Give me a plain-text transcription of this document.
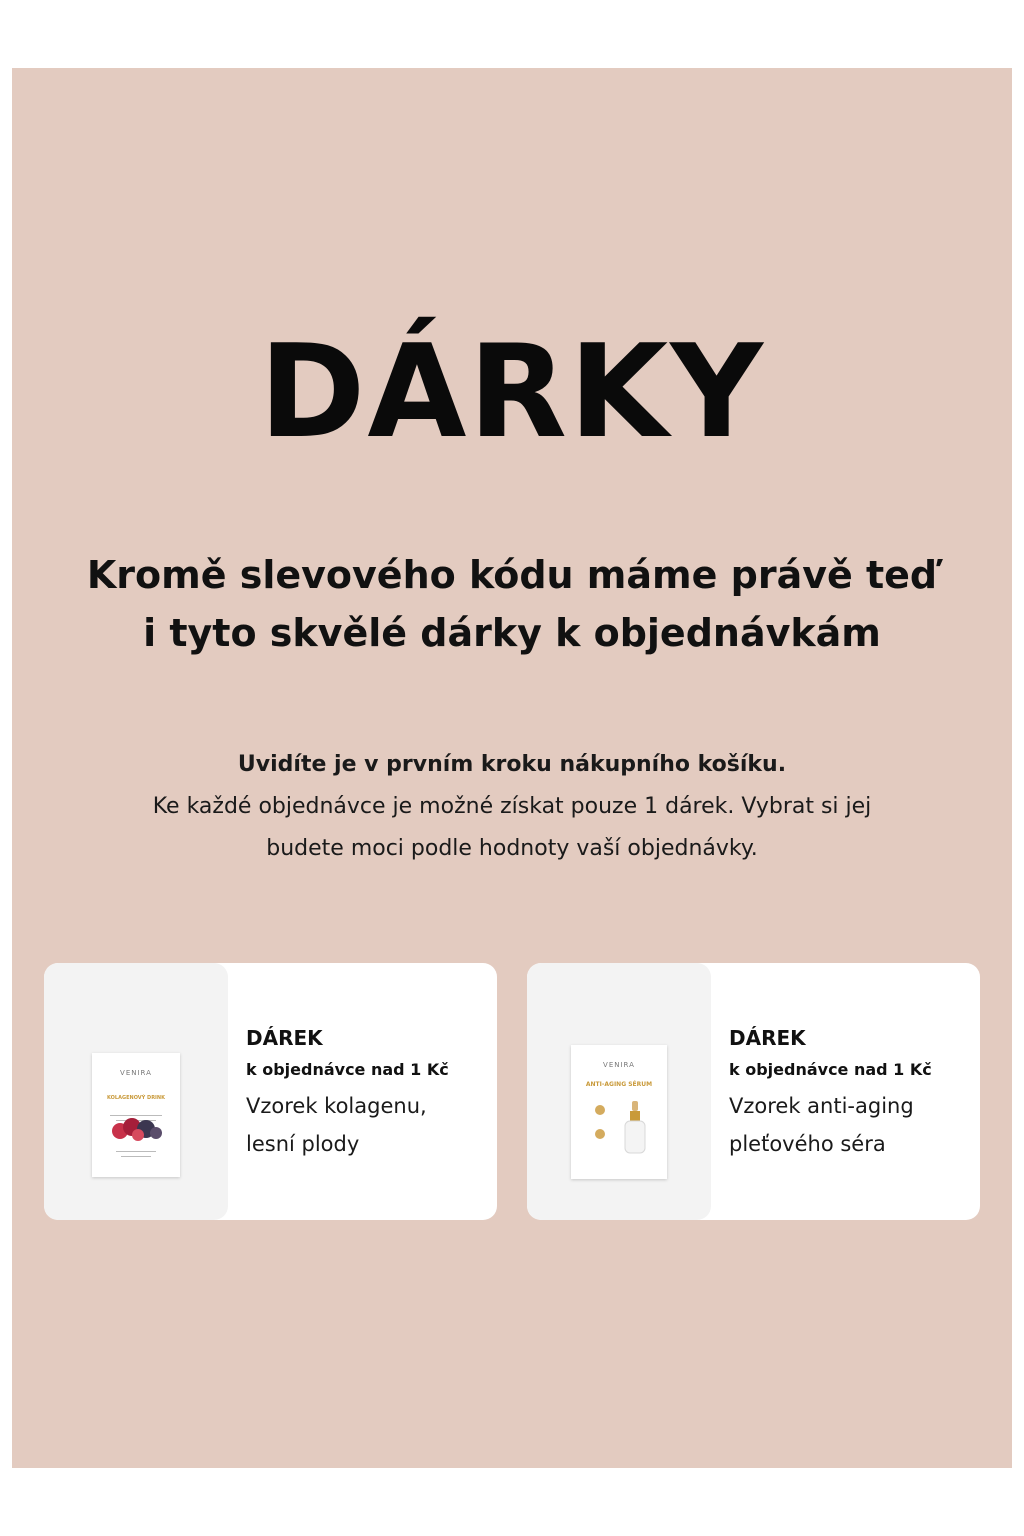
DÁRKY
Kromě slevového kódu máme právě teď
i tyto skvělé dárky k objednávkám
Uvidíte je v prvním kroku nákupního košíku.
Ke každé objednávce je možné získat pouze 1 dárek. Vybrat si jej
budete moci podle hodnoty vaší objednávky.
VENIRA
KOLAGENOVÝ DRINK
DÁREK
k objednávce nad 1 Kč
Vzorek kolagenu,
lesní plody
VENIRA
ANTI-AGING SÉRUM
DÁREK
k objednávce nad 1 Kč
Vzorek anti-aging
pleťového séra
